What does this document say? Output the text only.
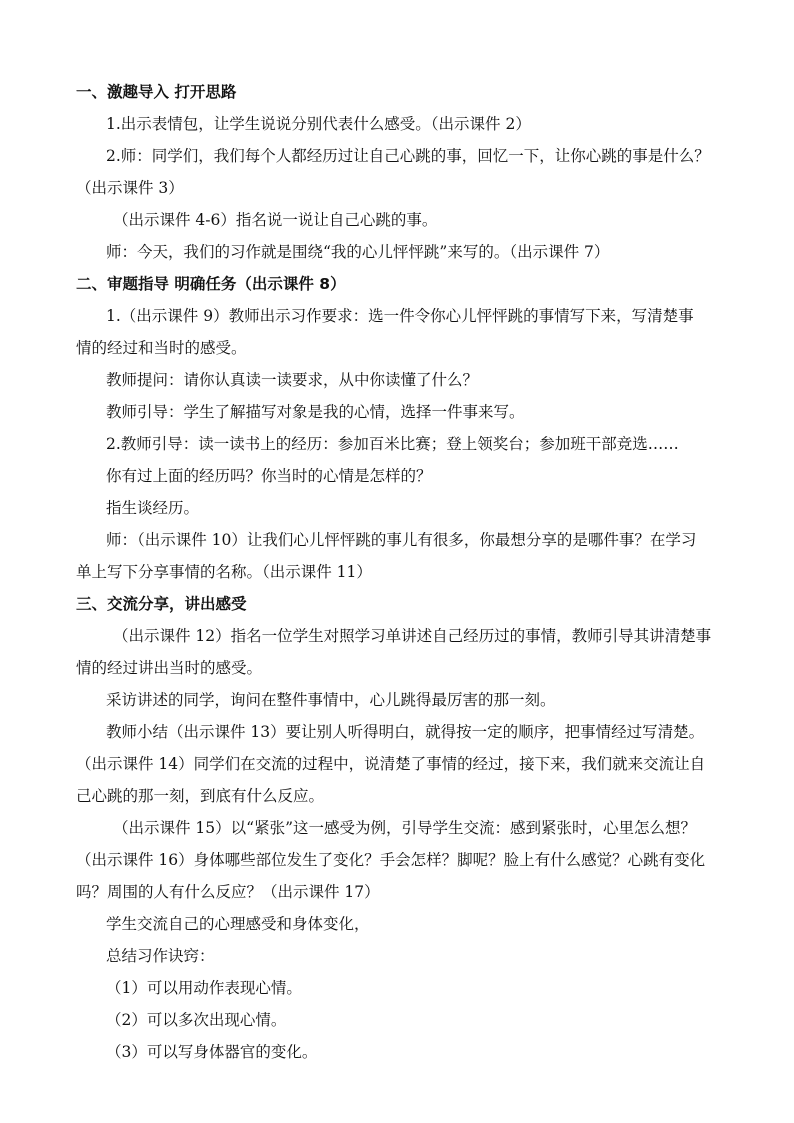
一、激趣导入 打开思路
1.出示表情包，让学生说说分别代表什么感受。（出示课件 2）
2.师：同学们，我们每个人都经历过让自己心跳的事，回忆一下，让你心跳的事是什么？
（出示课件 3）
（出示课件 4-6）指名说一说让自己心跳的事。
师：今天，我们的习作就是围绕“我的心儿怦怦跳”来写的。（出示课件 7）
二、审题指导 明确任务（出示课件 8）
1.（出示课件 9）教师出示习作要求：选一件令你心儿怦怦跳的事情写下来，写清楚事
情的经过和当时的感受。
教师提问：请你认真读一读要求，从中你读懂了什么？
教师引导：学生了解描写对象是我的心情，选择一件事来写。
2.教师引导：读一读书上的经历：参加百米比赛；登上领奖台；参加班干部竞选……
你有过上面的经历吗？你当时的心情是怎样的？
指生谈经历。
师：（出示课件 10）让我们心儿怦怦跳的事儿有很多，你最想分享的是哪件事？在学习
单上写下分享事情的名称。（出示课件 11）
三、交流分享，讲出感受
（出示课件 12）指名一位学生对照学习单讲述自己经历过的事情，教师引导其讲清楚事
情的经过讲出当时的感受。
采访讲述的同学，询问在整件事情中，心儿跳得最厉害的那一刻。
教师小结（出示课件 13）要让别人听得明白，就得按一定的顺序，把事情经过写清楚。
（出示课件 14）同学们在交流的过程中，说清楚了事情的经过，接下来，我们就来交流让自
己心跳的那一刻，到底有什么反应。
（出示课件 15）以“紧张”这一感受为例，引导学生交流：感到紧张时，心里怎么想？
（出示课件 16）身体哪些部位发生了变化？手会怎样？脚呢？脸上有什么感觉？心跳有变化
吗？周围的人有什么反应？（出示课件 17）
学生交流自己的心理感受和身体变化，
总结习作诀窍：
（1）可以用动作表现心情。
（2）可以多次出现心情。
（3）可以写身体器官的变化。
